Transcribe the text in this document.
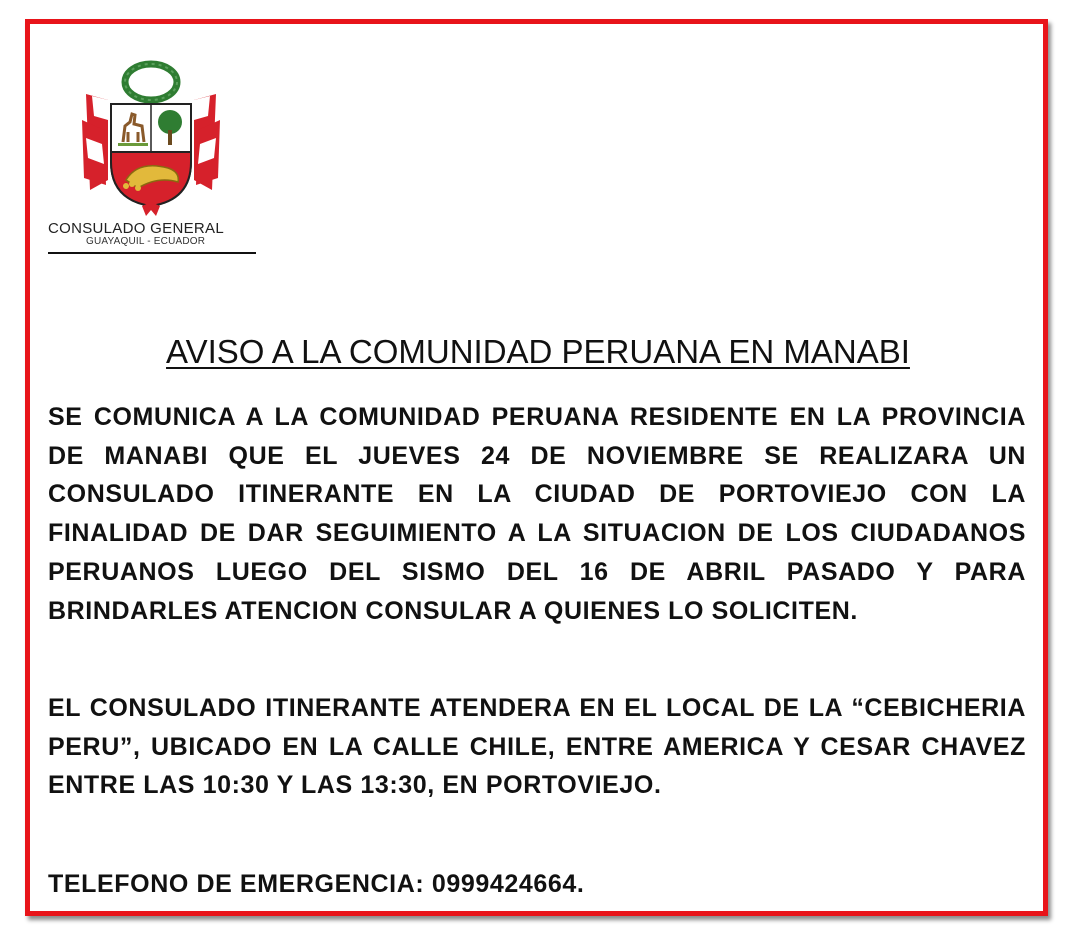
CONSULADO GENERAL
GUAYAQUIL - ECUADOR
AVISO A LA COMUNIDAD PERUANA EN MANABI

SE COMUNICA A LA COMUNIDAD PERUANA RESIDENTE EN LA PROVINCIA DE MANABI QUE EL JUEVES 24 DE NOVIEMBRE SE REALIZARA UN CONSULADO ITINERANTE EN LA CIUDAD DE PORTOVIEJO CON LA FINALIDAD DE DAR SEGUIMIENTO A LA SITUACION DE LOS CIUDADANOS PERUANOS LUEGO DEL SISMO DEL 16 DE ABRIL PASADO Y PARA BRINDARLES ATENCION CONSULAR A QUIENES LO SOLICITEN.

EL CONSULADO ITINERANTE ATENDERA EN EL LOCAL DE LA “CEBICHERIA PERU”, UBICADO EN LA CALLE CHILE, ENTRE AMERICA Y CESAR CHAVEZ ENTRE LAS 10:30 Y LAS 13:30, EN PORTOVIEJO.

TELEFONO DE EMERGENCIA: 0999424664.
